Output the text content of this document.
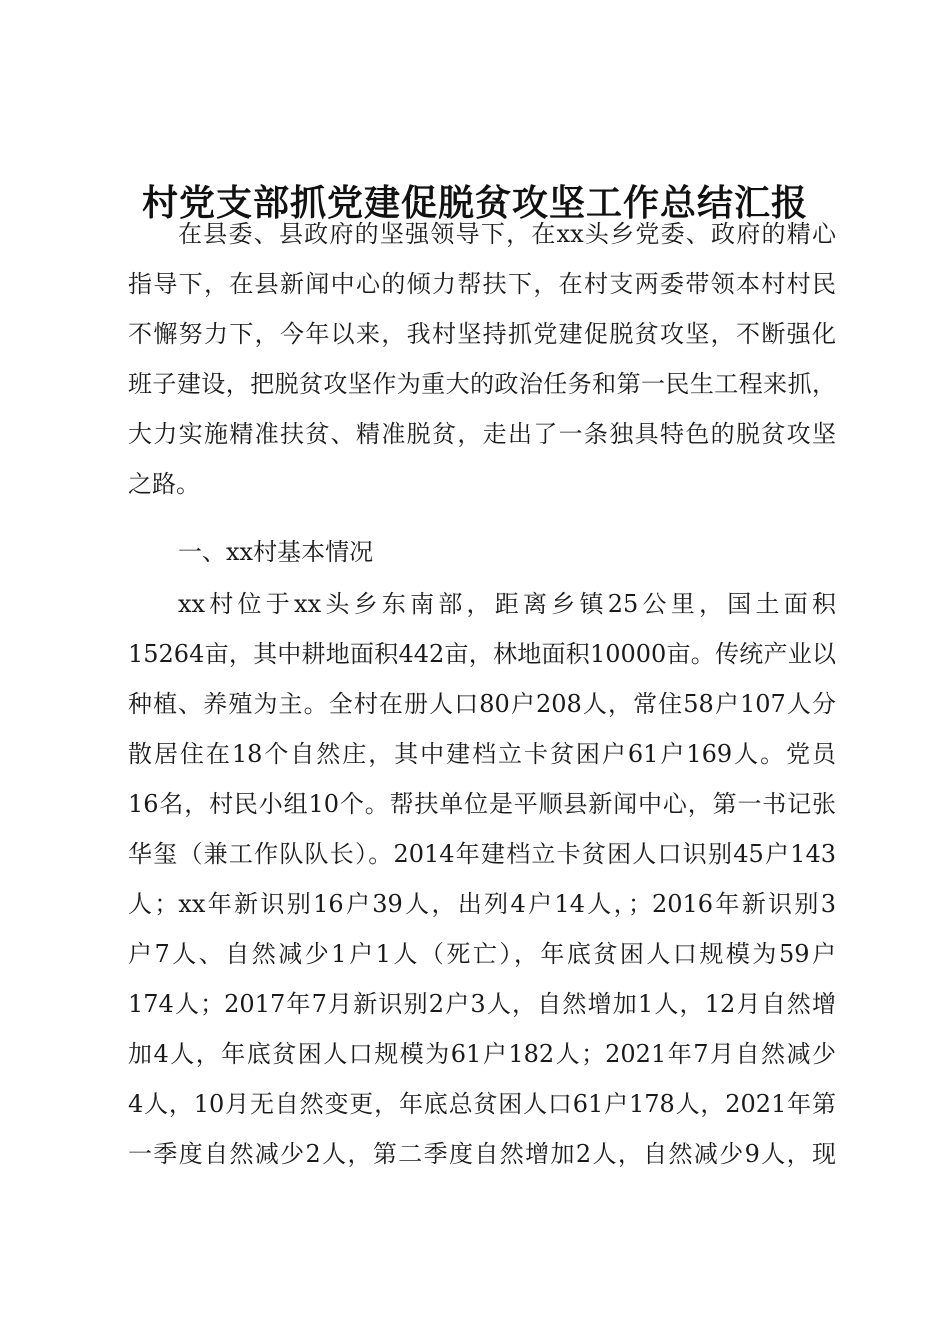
村党支部抓党建促脱贫攻坚工作总结汇报
在县委、县政府的坚强领导下，在xx头乡党委、政府的精心
指导下，在县新闻中心的倾力帮扶下，在村支两委带领本村村民
不懈努力下，今年以来，我村坚持抓党建促脱贫攻坚，不断强化
班子建设，把脱贫攻坚作为重大的政治任务和第一民生工程来抓，
大力实施精准扶贫、精准脱贫，走出了一条独具特色的脱贫攻坚
之路。
一、xx村基本情况
xx村位于xx头乡东南部，距离乡镇25公里，国土面积
15264亩，其中耕地面积442亩，林地面积10000亩。传统产业以
种植、养殖为主。全村在册人口80户208人，常住58户107人分
散居住在18个自然庄，其中建档立卡贫困户61户169人。党员
16名，村民小组10个。帮扶单位是平顺县新闻中心，第一书记张
华玺（兼工作队队长）。2014年建档立卡贫困人口识别45户143
人；xx年新识别16户39人，出列4户14人，；2016年新识别3
户7人、自然减少1户1人（死亡），年底贫困人口规模为59户
174人；2017年7月新识别2户3人，自然增加1人，12月自然增
加4人，年底贫困人口规模为61户182人；2021年7月自然减少
4人，10月无自然变更，年底总贫困人口61户178人，2021年第
一季度自然减少2人，第二季度自然增加2人，自然减少9人，现
